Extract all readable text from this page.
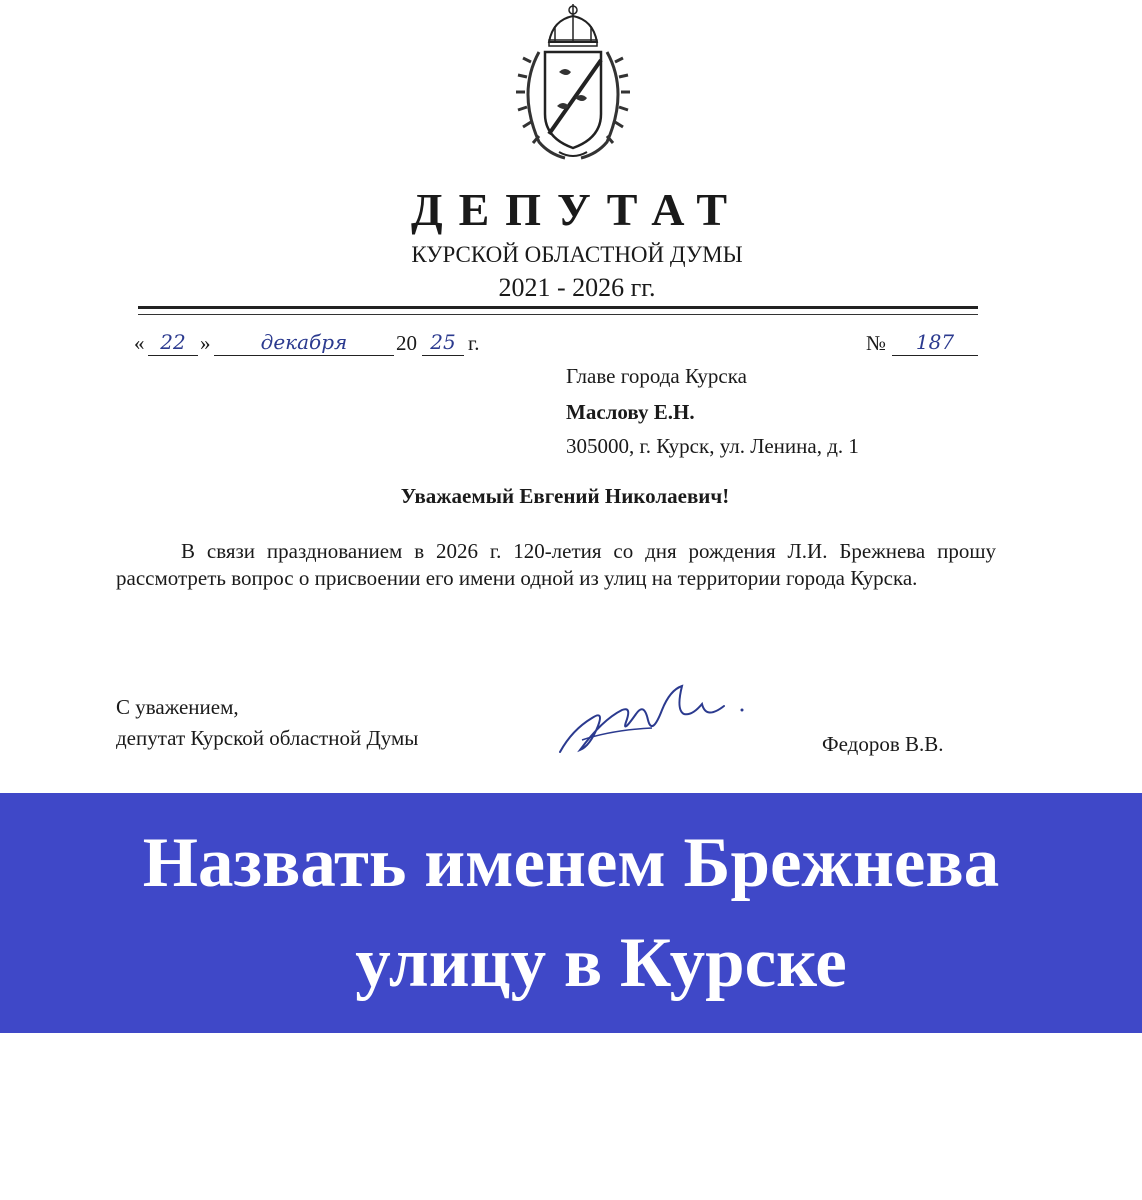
ДЕПУТАТ
КУРСКОЙ ОБЛАСТНОЙ ДУМЫ
2021 - 2026 гг.
« 22 »	декабря	20 25 г.	№	187
Главе города Курска
Маслову Е.Н.
305000, г. Курск, ул. Ленина, д. 1
Уважаемый Евгений Николаевич!

В связи празднованием в 2026 г. 120-летия со дня рождения Л.И. Брежнева прошу рассмотреть вопрос о присвоении его имени одной из улиц на территории города Курска.

С уважением,
депутат Курской областной Думы	Федоров В.В.
Назвать именем Брежнева
улицу в Курске
